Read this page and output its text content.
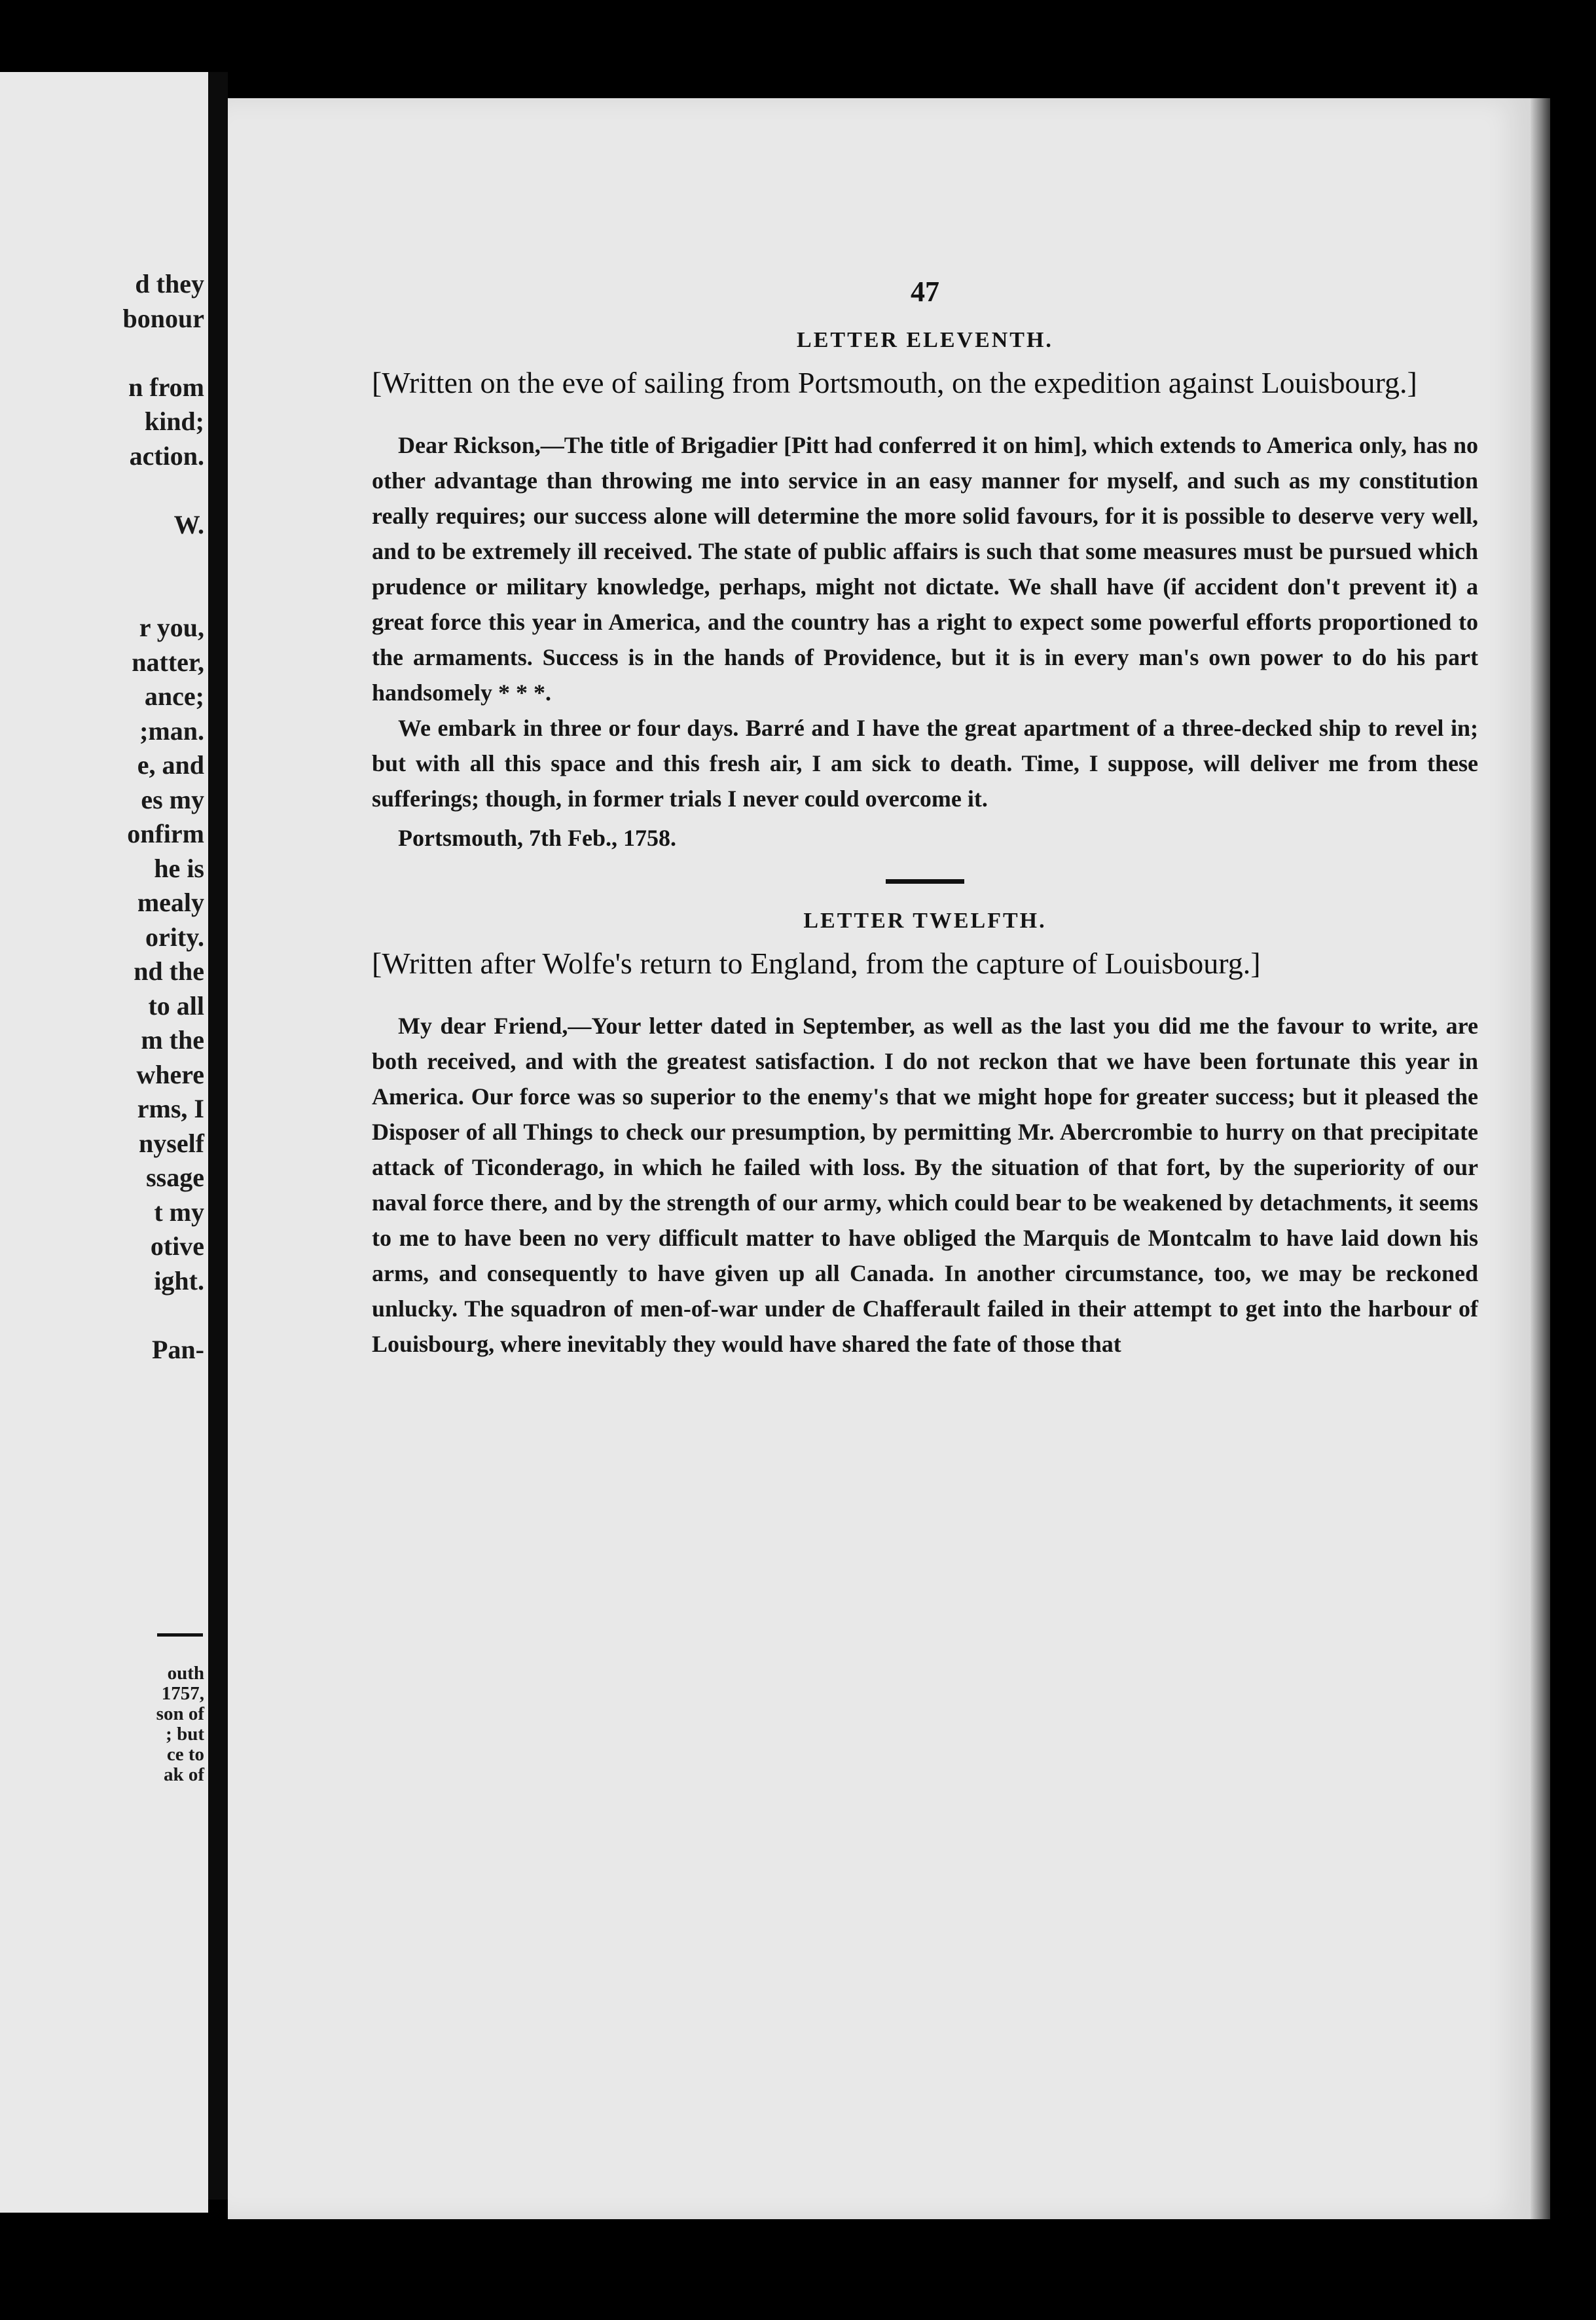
d they
bonour
n from
kind;
action.
W.
r you,
natter,
ance;
;man.
e, and
es my
onfirm
he is
mealy
ority.
nd the
to all
m the
where
rms, I
nyself
ssage
t my
otive
ight.
Pan-
outh
1757,
son of
; but
ce to
ak of
47
LETTER ELEVENTH.

[Written on the eve of sailing from Portsmouth, on the expedition against Louisbourg.]

Dear Rickson,—The title of Brigadier [Pitt had conferred it on him], which extends to America only, has no other advantage than throwing me into service in an easy manner for myself, and such as my constitution really requires; our success alone will determine the more solid favours, for it is possible to deserve very well, and to be extremely ill received. The state of public affairs is such that some measures must be pursued which prudence or military knowledge, perhaps, might not dictate. We shall have (if accident don't prevent it) a great force this year in America, and the country has a right to expect some powerful efforts proportioned to the armaments. Success is in the hands of Providence, but it is in every man's own power to do his part handsomely * * *.

We embark in three or four days. Barré and I have the great apartment of a three-decked ship to revel in; but with all this space and this fresh air, I am sick to death. Time, I suppose, will deliver me from these sufferings; though, in former trials I never could overcome it.

Portsmouth, 7th Feb., 1758.

LETTER TWELFTH.

[Written after Wolfe's return to England, from the capture of Louisbourg.]

My dear Friend,—Your letter dated in September, as well as the last you did me the favour to write, are both received, and with the greatest satisfaction. I do not reckon that we have been fortunate this year in America. Our force was so superior to the enemy's that we might hope for greater success; but it pleased the Disposer of all Things to check our presumption, by permitting Mr. Abercrombie to hurry on that precipitate attack of Ticonderago, in which he failed with loss. By the situation of that fort, by the superiority of our naval force there, and by the strength of our army, which could bear to be weakened by detachments, it seems to me to have been no very difficult matter to have obliged the Marquis de Montcalm to have laid down his arms, and consequently to have given up all Canada. In another circumstance, too, we may be reckoned unlucky. The squadron of men-of-war under de Chafferault failed in their attempt to get into the harbour of Louisbourg, where inevitably they would have shared the fate of those that
